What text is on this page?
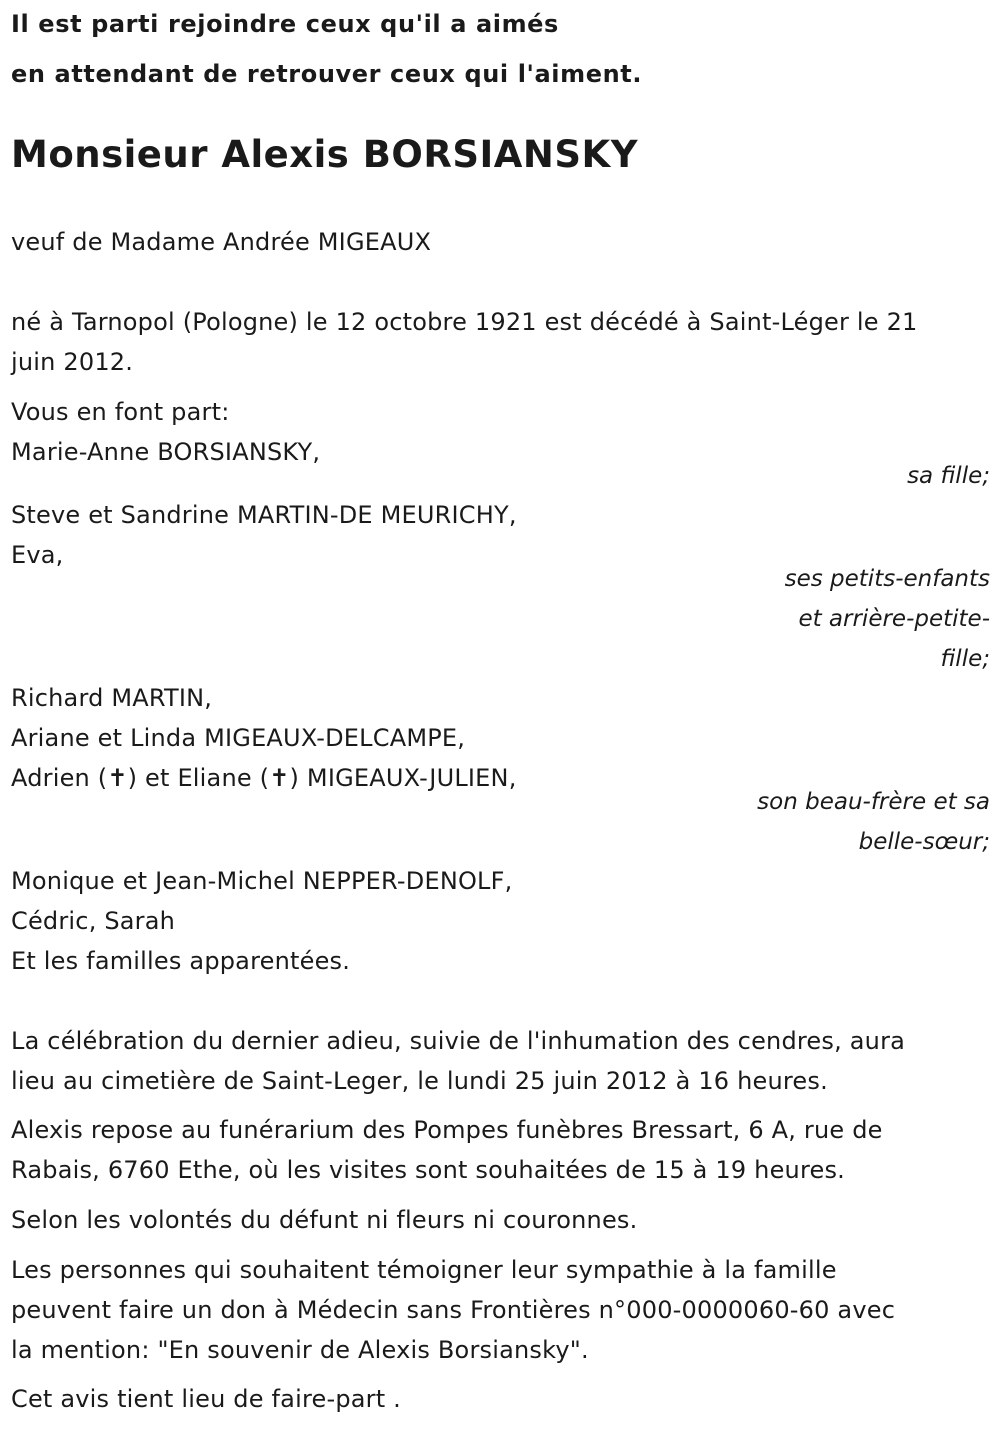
Il est parti rejoindre ceux qu'il a aimés
en attendant de retrouver ceux qui l'aiment.
Monsieur Alexis BORSIANSKY
veuf de Madame Andrée MIGEAUX
né à Tarnopol (Pologne) le 12 octobre 1921 est décédé à Saint-Léger le 21
juin 2012.
Vous en font part:
Marie-Anne BORSIANSKY,
sa fille;
Steve et Sandrine MARTIN-DE MEURICHY,
Eva,
ses petits-enfants
et arrière-petite-
fille;
Richard MARTIN,
Ariane et Linda MIGEAUX-DELCAMPE,
Adrien (✝) et Eliane (✝) MIGEAUX-JULIEN,
son beau-frère et sa
belle-sœur;
Monique et Jean-Michel NEPPER-DENOLF,
Cédric, Sarah
Et les familles apparentées.
La célébration du dernier adieu, suivie de l'inhumation des cendres, aura
lieu au cimetière de Saint-Leger, le lundi 25 juin 2012 à 16 heures.
Alexis repose au funérarium des Pompes funèbres Bressart, 6 A, rue de
Rabais, 6760 Ethe, où les visites sont souhaitées de 15 à 19 heures.
Selon les volontés du défunt ni fleurs ni couronnes.
Les personnes qui souhaitent témoigner leur sympathie à la famille
peuvent faire un don à Médecin sans Frontières n°000-0000060-60 avec
la mention: "En souvenir de Alexis Borsiansky".
Cet avis tient lieu de faire-part .
